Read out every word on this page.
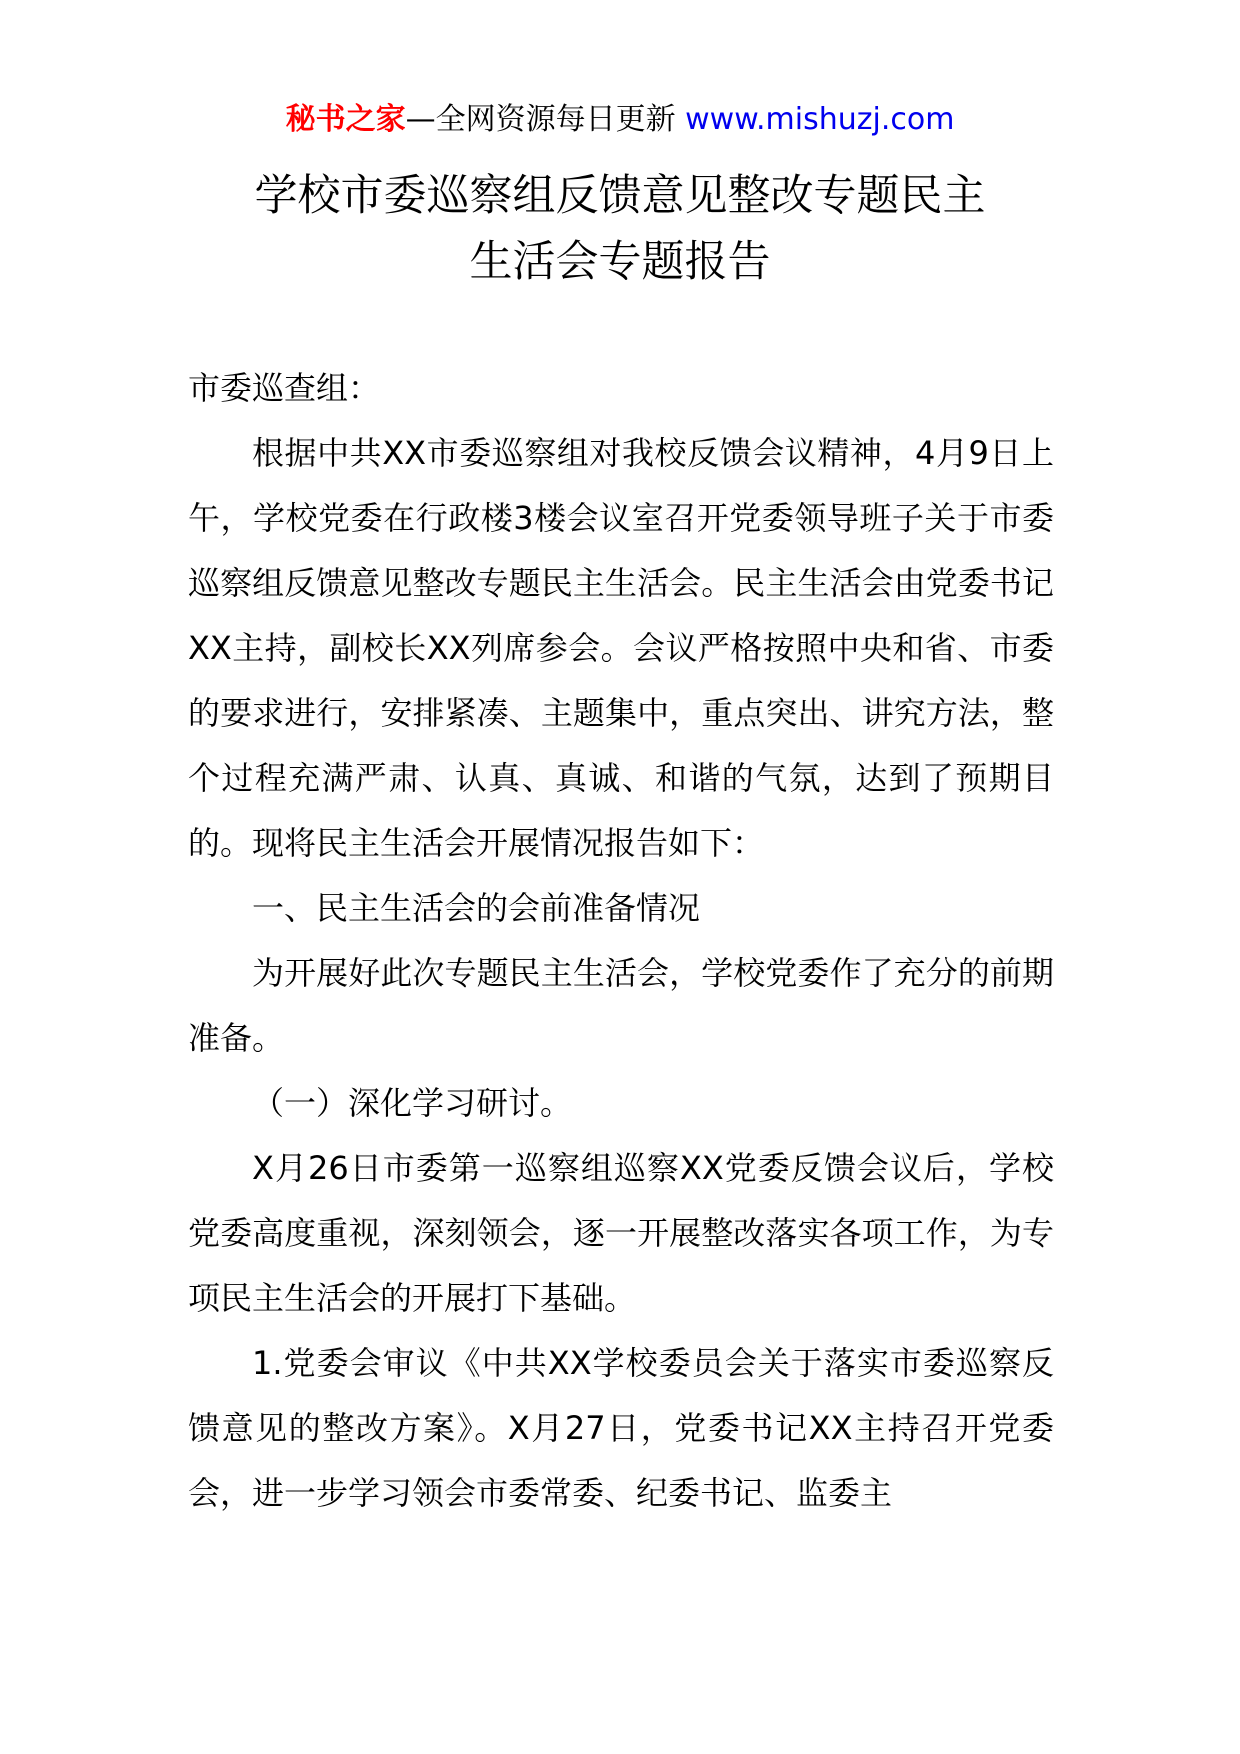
秘书之家—全网资源每日更新 www.mishuzj.com
学校市委巡察组反馈意见整改专题民主
生活会专题报告

市委巡查组：

根据中共XX市委巡察组对我校反馈会议精神，4月9日上午，学校党委在行政楼3楼会议室召开党委领导班子关于市委巡察组反馈意见整改专题民主生活会。民主生活会由党委书记XX主持，副校长XX列席参会。会议严格按照中央和省、市委的要求进行，安排紧凑、主题集中，重点突出、讲究方法，整个过程充满严肃、认真、真诚、和谐的气氛，达到了预期目的。现将民主生活会开展情况报告如下：

一、民主生活会的会前准备情况

为开展好此次专题民主生活会，学校党委作了充分的前期准备。

（一）深化学习研讨。

X月26日市委第一巡察组巡察XX党委反馈会议后，学校党委高度重视，深刻领会，逐一开展整改落实各项工作，为专项民主生活会的开展打下基础。

1.党委会审议《中共XX学校委员会关于落实市委巡察反馈意见的整改方案》。X月27日，党委书记XX主持召开党委会，进一步学习领会市委常委、纪委书记、监委主
